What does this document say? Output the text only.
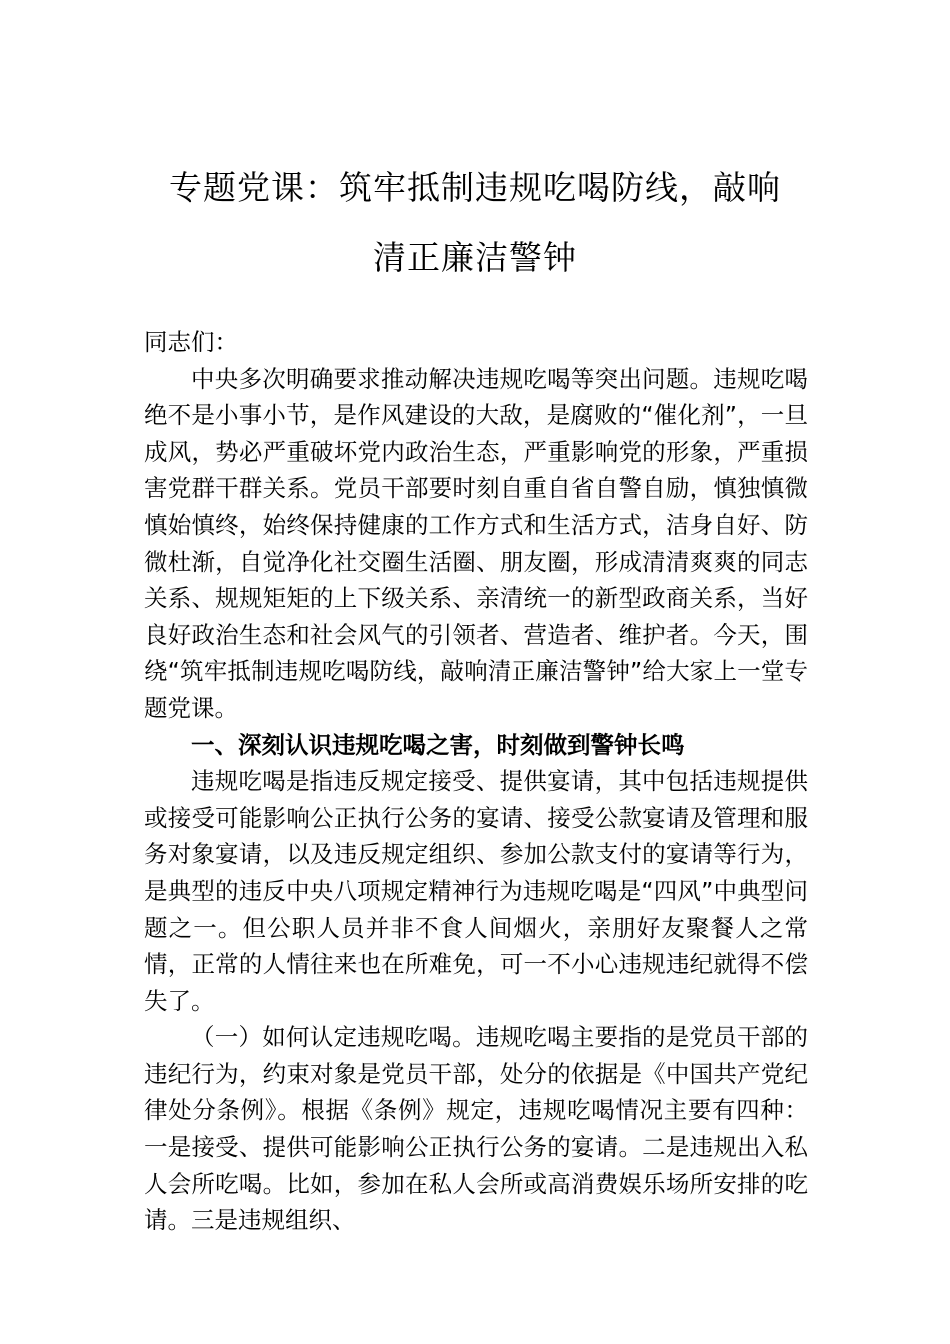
专题党课：筑牢抵制违规吃喝防线，敲响
清正廉洁警钟

同志们：

中央多次明确要求推动解决违规吃喝等突出问题。违规吃喝绝不是小事小节，是作风建设的大敌，是腐败的“催化剂”，一旦成风，势必严重破坏党内政治生态，严重影响党的形象，严重损害党群干群关系。党员干部要时刻自重自省自警自励，慎独慎微慎始慎终，始终保持健康的工作方式和生活方式，洁身自好、防微杜渐，自觉净化社交圈生活圈、朋友圈，形成清清爽爽的同志关系、规规矩矩的上下级关系、亲清统一的新型政商关系，当好良好政治生态和社会风气的引领者、营造者、维护者。今天，围绕“筑牢抵制违规吃喝防线，敲响清正廉洁警钟”给大家上一堂专题党课。

一、深刻认识违规吃喝之害，时刻做到警钟长鸣

违规吃喝是指违反规定接受、提供宴请，其中包括违规提供或接受可能影响公正执行公务的宴请、接受公款宴请及管理和服务对象宴请，以及违反规定组织、参加公款支付的宴请等行为，是典型的违反中央八项规定精神行为违规吃喝是“四风”中典型问题之一。但公职人员并非不食人间烟火，亲朋好友聚餐人之常情，正常的人情往来也在所难免，可一不小心违规违纪就得不偿失了。

（一）如何认定违规吃喝。违规吃喝主要指的是党员干部的违纪行为，约束对象是党员干部，处分的依据是《中国共产党纪律处分条例》。根据《条例》规定，违规吃喝情况主要有四种：一是接受、提供可能影响公正执行公务的宴请。二是违规出入私人会所吃喝。比如，参加在私人会所或高消费娱乐场所安排的吃请。三是违规组织、
